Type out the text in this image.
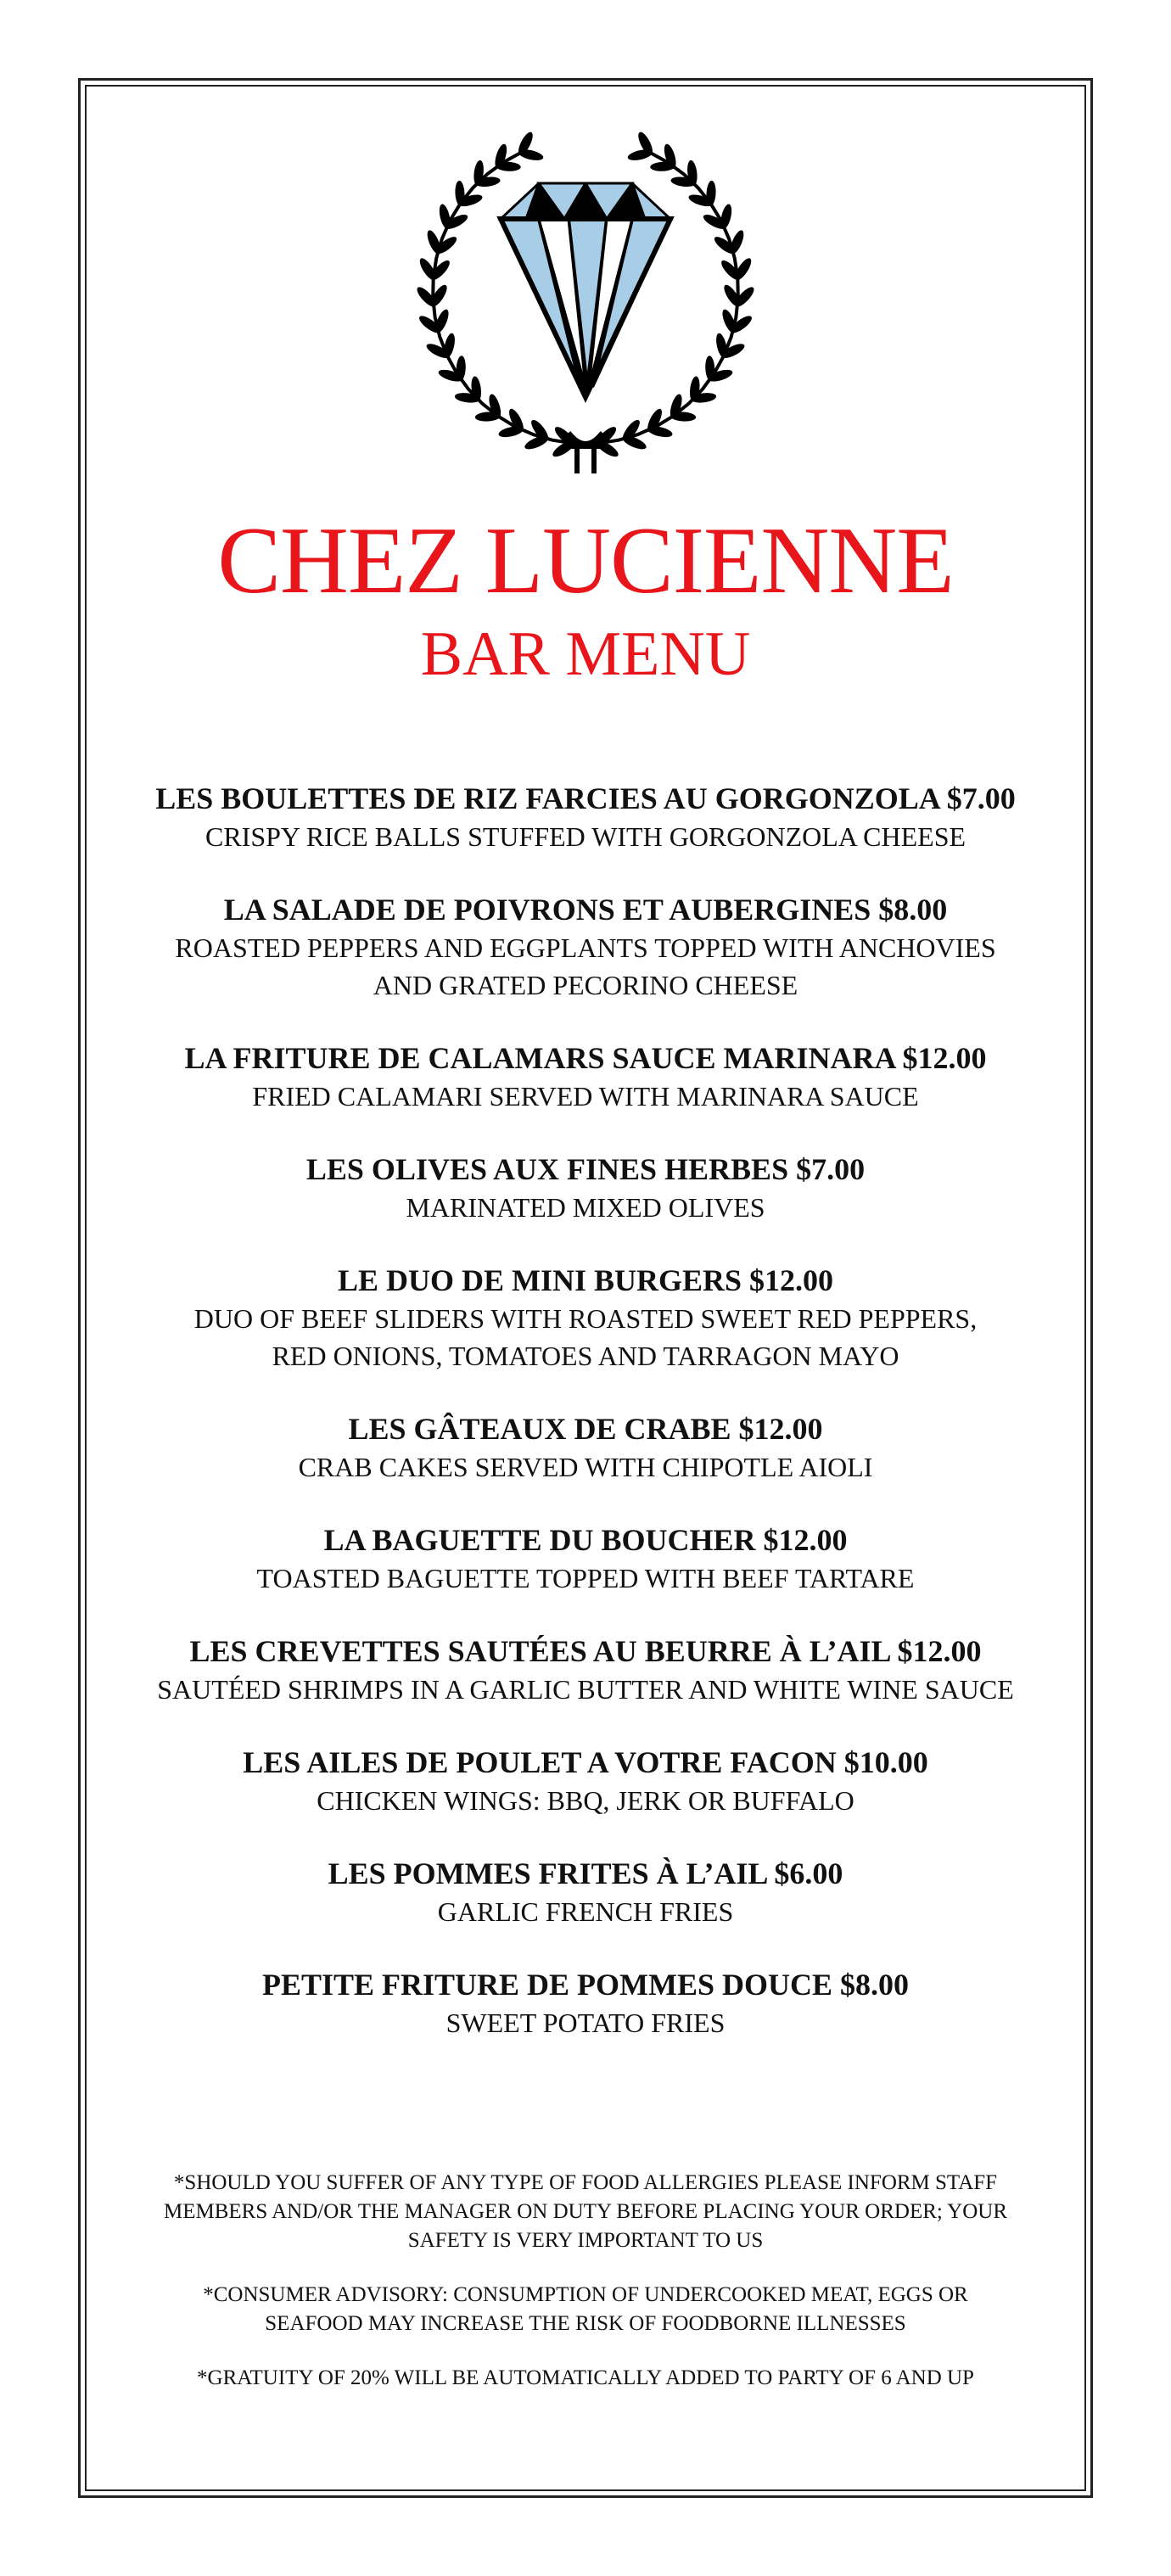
CHEZ LUCIENNE
BAR MENU
LES BOULETTES DE RIZ FARCIES AU GORGONZOLA $7.00
CRISPY RICE BALLS STUFFED WITH GORGONZOLA CHEESE
LA SALADE DE POIVRONS ET AUBERGINES $8.00
ROASTED PEPPERS AND EGGPLANTS TOPPED WITH ANCHOVIES
AND GRATED PECORINO CHEESE
LA FRITURE DE CALAMARS SAUCE MARINARA $12.00
FRIED CALAMARI SERVED WITH MARINARA SAUCE
LES OLIVES AUX FINES HERBES $7.00
MARINATED MIXED OLIVES
LE DUO DE MINI BURGERS $12.00
DUO OF BEEF SLIDERS WITH ROASTED SWEET RED PEPPERS,
RED ONIONS, TOMATOES AND TARRAGON MAYO
LES GÂTEAUX DE CRABE $12.00
CRAB CAKES SERVED WITH CHIPOTLE AIOLI
LA BAGUETTE DU BOUCHER $12.00
TOASTED BAGUETTE TOPPED WITH BEEF TARTARE
LES CREVETTES SAUTÉES AU BEURRE À L’AIL $12.00
SAUTÉED SHRIMPS IN A GARLIC BUTTER AND WHITE WINE SAUCE
LES AILES DE POULET A VOTRE FACON $10.00
CHICKEN WINGS: BBQ, JERK OR BUFFALO
LES POMMES FRITES À L’AIL $6.00
GARLIC FRENCH FRIES
PETITE FRITURE DE POMMES DOUCE $8.00
SWEET POTATO FRIES
*SHOULD YOU SUFFER OF ANY TYPE OF FOOD ALLERGIES PLEASE INFORM STAFF
MEMBERS AND/OR THE MANAGER ON DUTY BEFORE PLACING YOUR ORDER; YOUR
SAFETY IS VERY IMPORTANT TO US
*CONSUMER ADVISORY: CONSUMPTION OF UNDERCOOKED MEAT, EGGS OR
SEAFOOD MAY INCREASE THE RISK OF FOODBORNE ILLNESSES
*GRATUITY OF 20% WILL BE AUTOMATICALLY ADDED TO PARTY OF 6 AND UP
